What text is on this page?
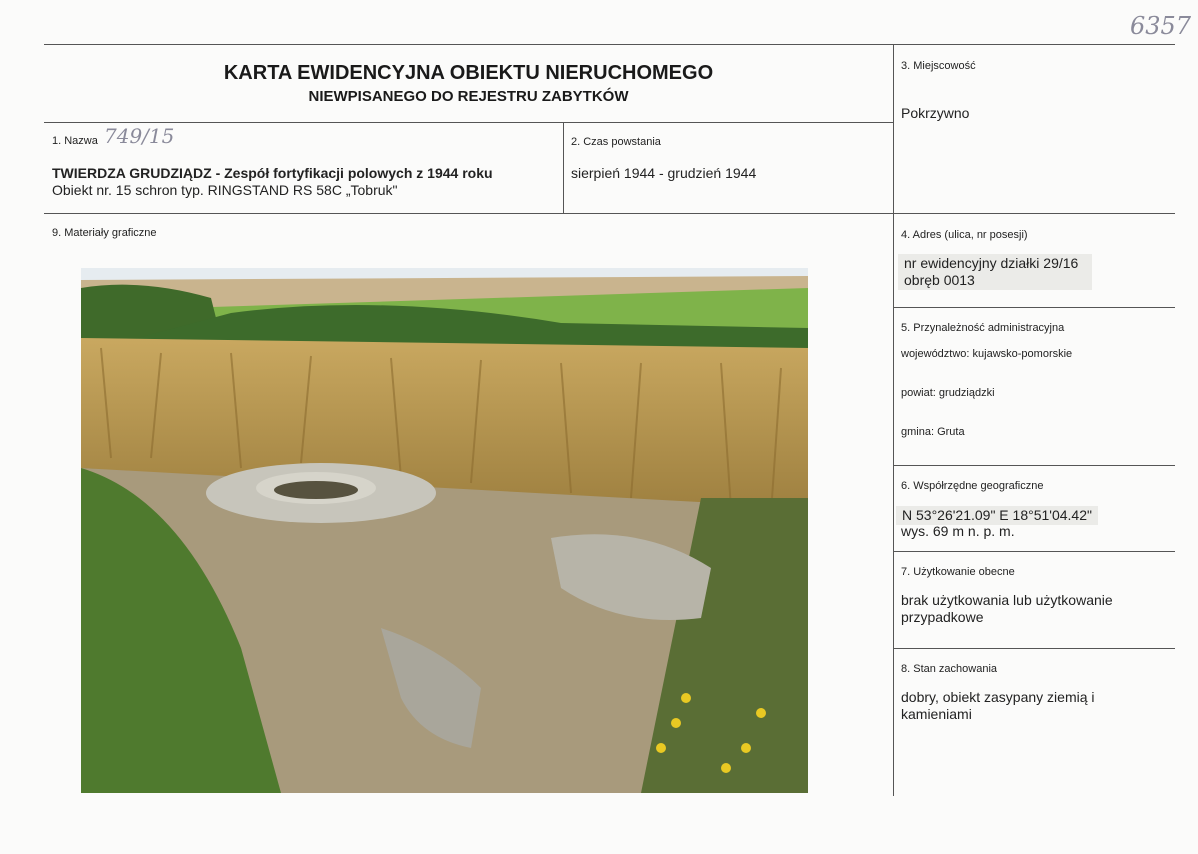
6357
KARTA EWIDENCYJNA OBIEKTU NIERUCHOMEGO
NIEWPISANEGO DO REJESTRU ZABYTKÓW
1. Nazwa 749/15
TWIERDZA GRUDZIĄDZ - Zespół fortyfikacji polowych z 1944 roku
Obiekt nr. 15 schron typ. RINGSTAND RS 58C „Tobruk"
2. Czas powstania
sierpień 1944 - grudzień 1944
3. Miejscowość
Pokrzywno
4. Adres (ulica, nr posesji)
nr ewidencyjny działki 29/16
obręb 0013
5. Przynależność administracyjna
województwo: kujawsko-pomorskie
powiat: grudziądzki
gmina: Gruta
6. Współrzędne geograficzne
N 53°26'21.09" E 18°51'04.42"
wys. 69 m n. p. m.
7. Użytkowanie obecne
brak użytkowania lub użytkowanie przypadkowe
8. Stan zachowania
dobry, obiekt zasypany ziemią i kamieniami
9. Materiały graficzne
